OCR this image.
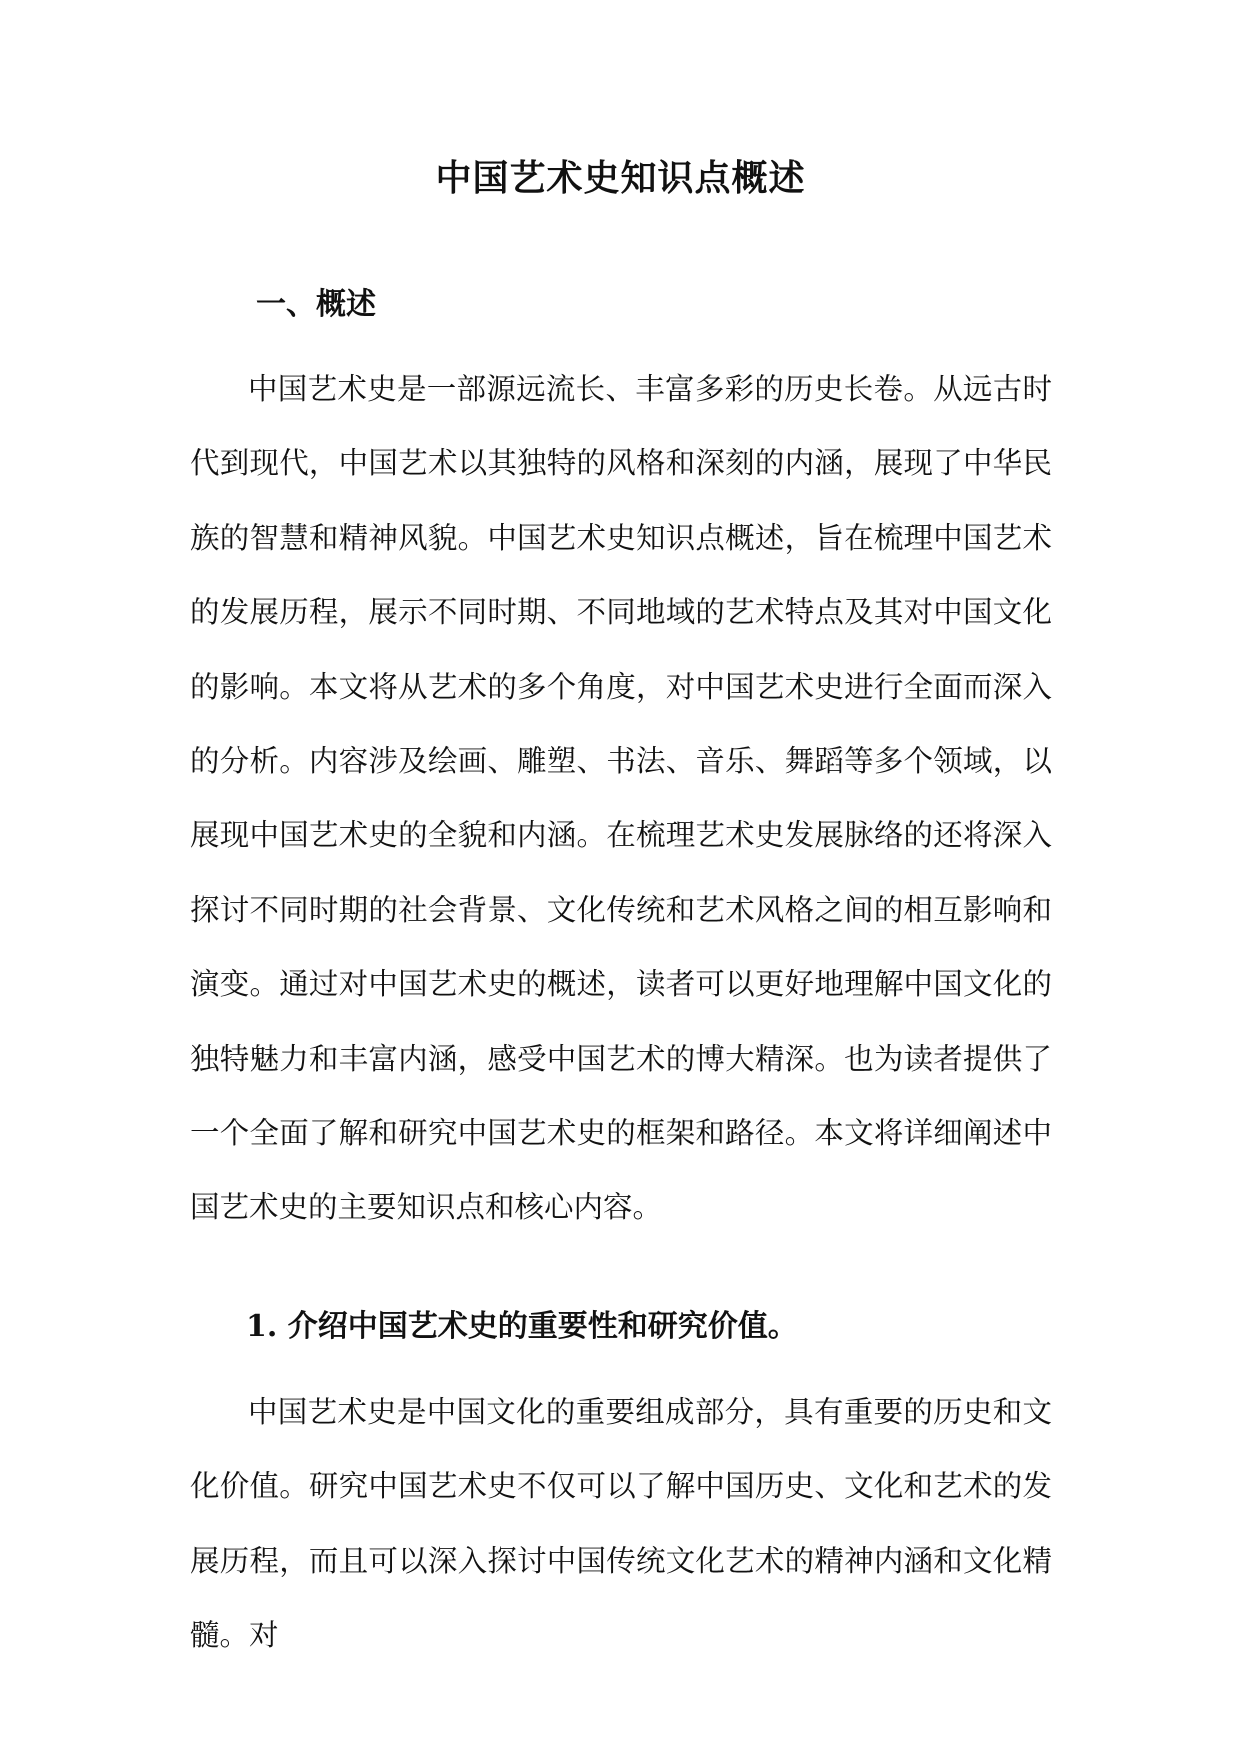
中国艺术史知识点概述
一、概述

中国艺术史是一部源远流长、丰富多彩的历史长卷。从远古时代到现代，中国艺术以其独特的风格和深刻的内涵，展现了中华民族的智慧和精神风貌。中国艺术史知识点概述，旨在梳理中国艺术的发展历程，展示不同时期、不同地域的艺术特点及其对中国文化的影响。本文将从艺术的多个角度，对中国艺术史进行全面而深入的分析。内容涉及绘画、雕塑、书法、音乐、舞蹈等多个领域，以展现中国艺术史的全貌和内涵。在梳理艺术史发展脉络的还将深入探讨不同时期的社会背景、文化传统和艺术风格之间的相互影响和演变。通过对中国艺术史的概述，读者可以更好地理解中国文化的独特魅力和丰富内涵，感受中国艺术的博大精深。也为读者提供了一个全面了解和研究中国艺术史的框架和路径。本文将详细阐述中国艺术史的主要知识点和核心内容。

1. 介绍中国艺术史的重要性和研究价值。

中国艺术史是中国文化的重要组成部分，具有重要的历史和文化价值。研究中国艺术史不仅可以了解中国历史、文化和艺术的发展历程，而且可以深入探讨中国传统文化艺术的精神内涵和文化精髓。对
